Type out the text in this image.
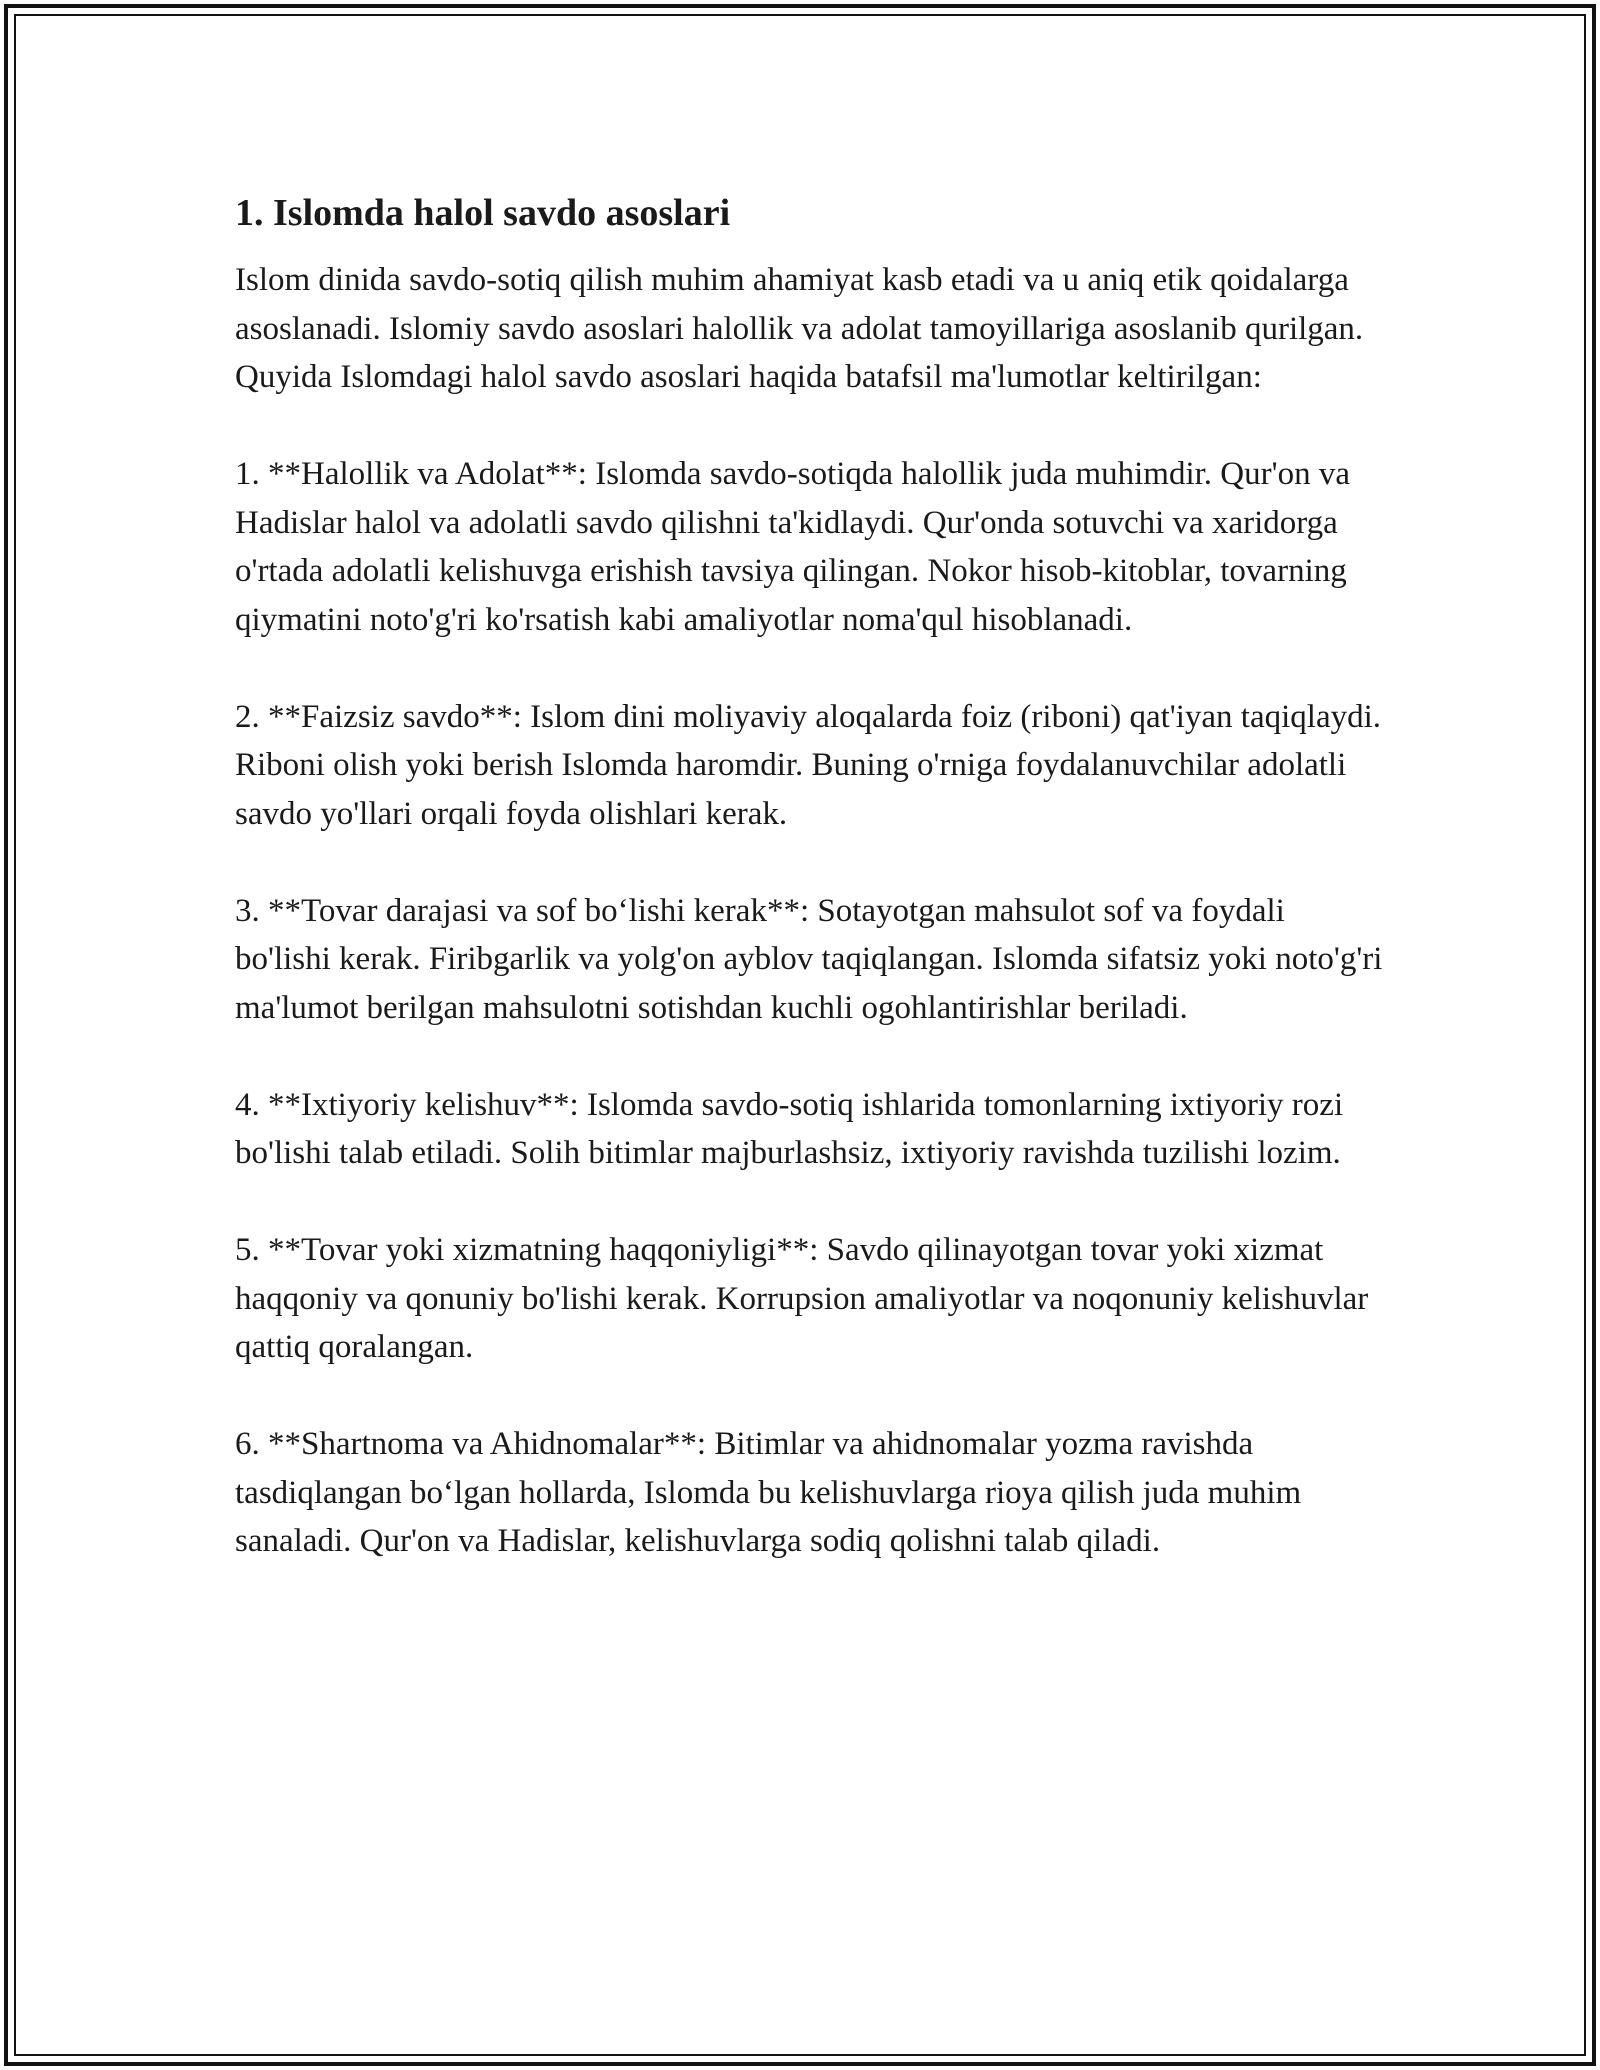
1. Islomda halol savdo asoslari

Islom dinida savdo-sotiq qilish muhim ahamiyat kasb etadi va u aniq etik qoidalarga asoslanadi. Islomiy savdo asoslari halollik va adolat tamoyillariga asoslanib qurilgan. Quyida Islomdagi halol savdo asoslari haqida batafsil ma'lumotlar keltirilgan:

1. **Halollik va Adolat**: Islomda savdo-sotiqda halollik juda muhimdir. Qur'on va Hadislar halol va adolatli savdo qilishni ta'kidlaydi. Qur'onda sotuvchi va xaridorga o'rtada adolatli kelishuvga erishish tavsiya qilingan. Nokor hisob-kitoblar, tovarning qiymatini noto'g'ri ko'rsatish kabi amaliyotlar noma'qul hisoblanadi.

2. **Faizsiz savdo**: Islom dini moliyaviy aloqalarda foiz (riboni) qat'iyan taqiqlaydi. Riboni olish yoki berish Islomda haromdir. Buning o'rniga foydalanuvchilar adolatli savdo yo'llari orqali foyda olishlari kerak.

3. **Tovar darajasi va sof bo‘lishi kerak**: Sotayotgan mahsulot sof va foydali bo'lishi kerak. Firibgarlik va yolg'on ayblov taqiqlangan. Islomda sifatsiz yoki noto'g'ri ma'lumot berilgan mahsulotni sotishdan kuchli ogohlantirishlar beriladi.

4. **Ixtiyoriy kelishuv**: Islomda savdo-sotiq ishlarida tomonlarning ixtiyoriy rozi bo'lishi talab etiladi. Solih bitimlar majburlashsiz, ixtiyoriy ravishda tuzilishi lozim.

5. **Tovar yoki xizmatning haqqoniyligi**: Savdo qilinayotgan tovar yoki xizmat haqqoniy va qonuniy bo'lishi kerak. Korrupsion amaliyotlar va noqonuniy kelishuvlar qattiq qoralangan.

6. **Shartnoma va Ahidnomalar**: Bitimlar va ahidnomalar yozma ravishda tasdiqlangan bo‘lgan hollarda, Islomda bu kelishuvlarga rioya qilish juda muhim sanaladi. Qur'on va Hadislar, kelishuvlarga sodiq qolishni talab qiladi.
